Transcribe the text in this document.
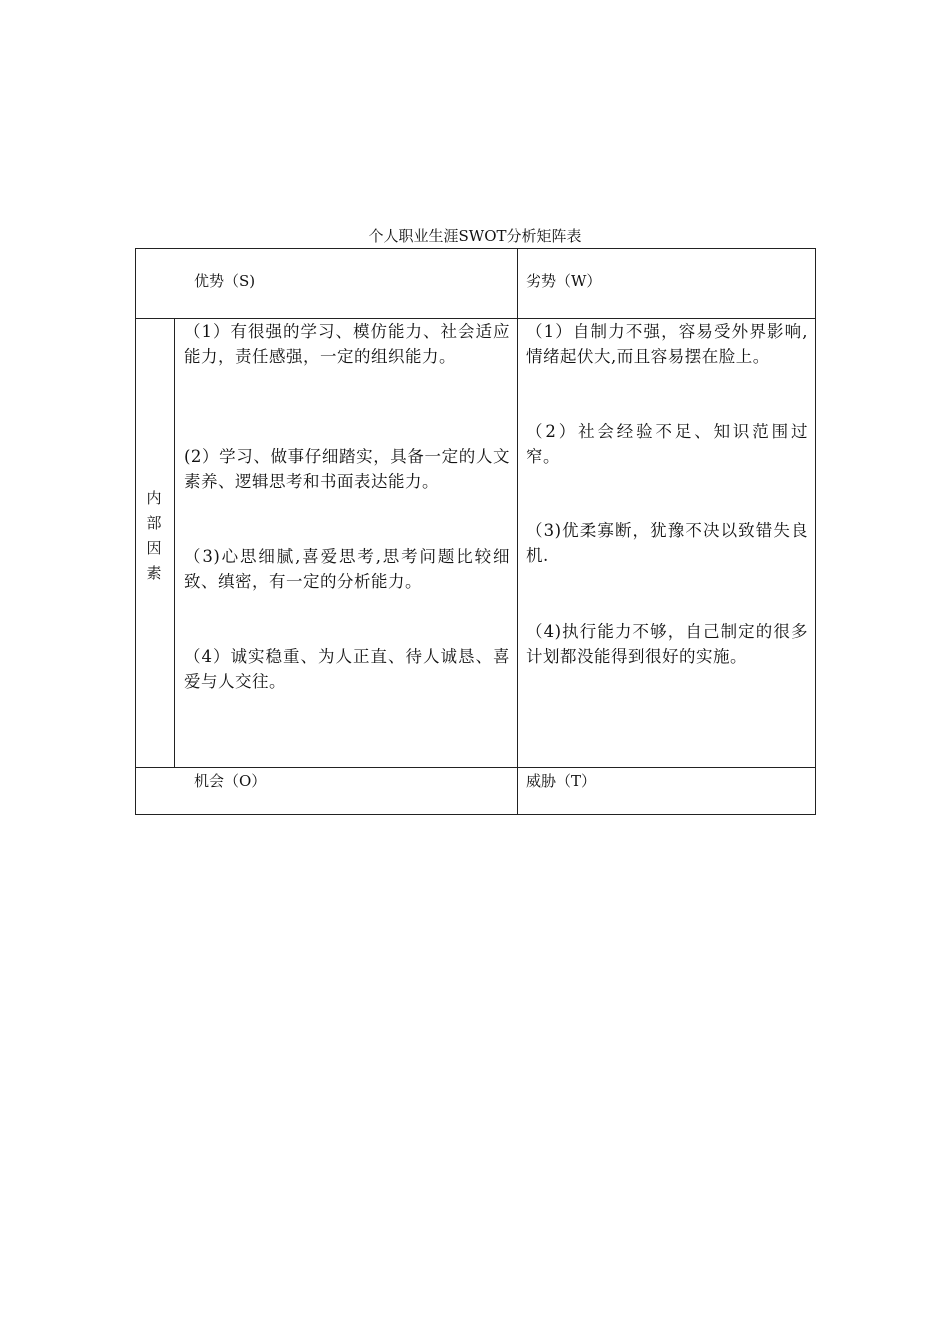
个人职业生涯SWOT分析矩阵表
优势（S)	劣势（W）
内
部
因
素
（1）有很强的学习、模仿能力、社会适应能力，责任感强，一定的组织能力。
(2）学习、做事仔细踏实，具备一定的人文素养、逻辑思考和书面表达能力。
（3)心思细腻,喜爱思考,思考问题比较细致、缜密，有一定的分析能力。
（4）诚实稳重、为人正直、待人诚恳、喜爱与人交往。
（1）自制力不强，容易受外界影响,情绪起伏大,而且容易摆在脸上。
（2）社会经验不足、知识范围过窄。
（3)优柔寡断，犹豫不决以致错失良机.
（4)执行能力不够，自己制定的很多计划都没能得到很好的实施。
机会（O）	威胁（T）
